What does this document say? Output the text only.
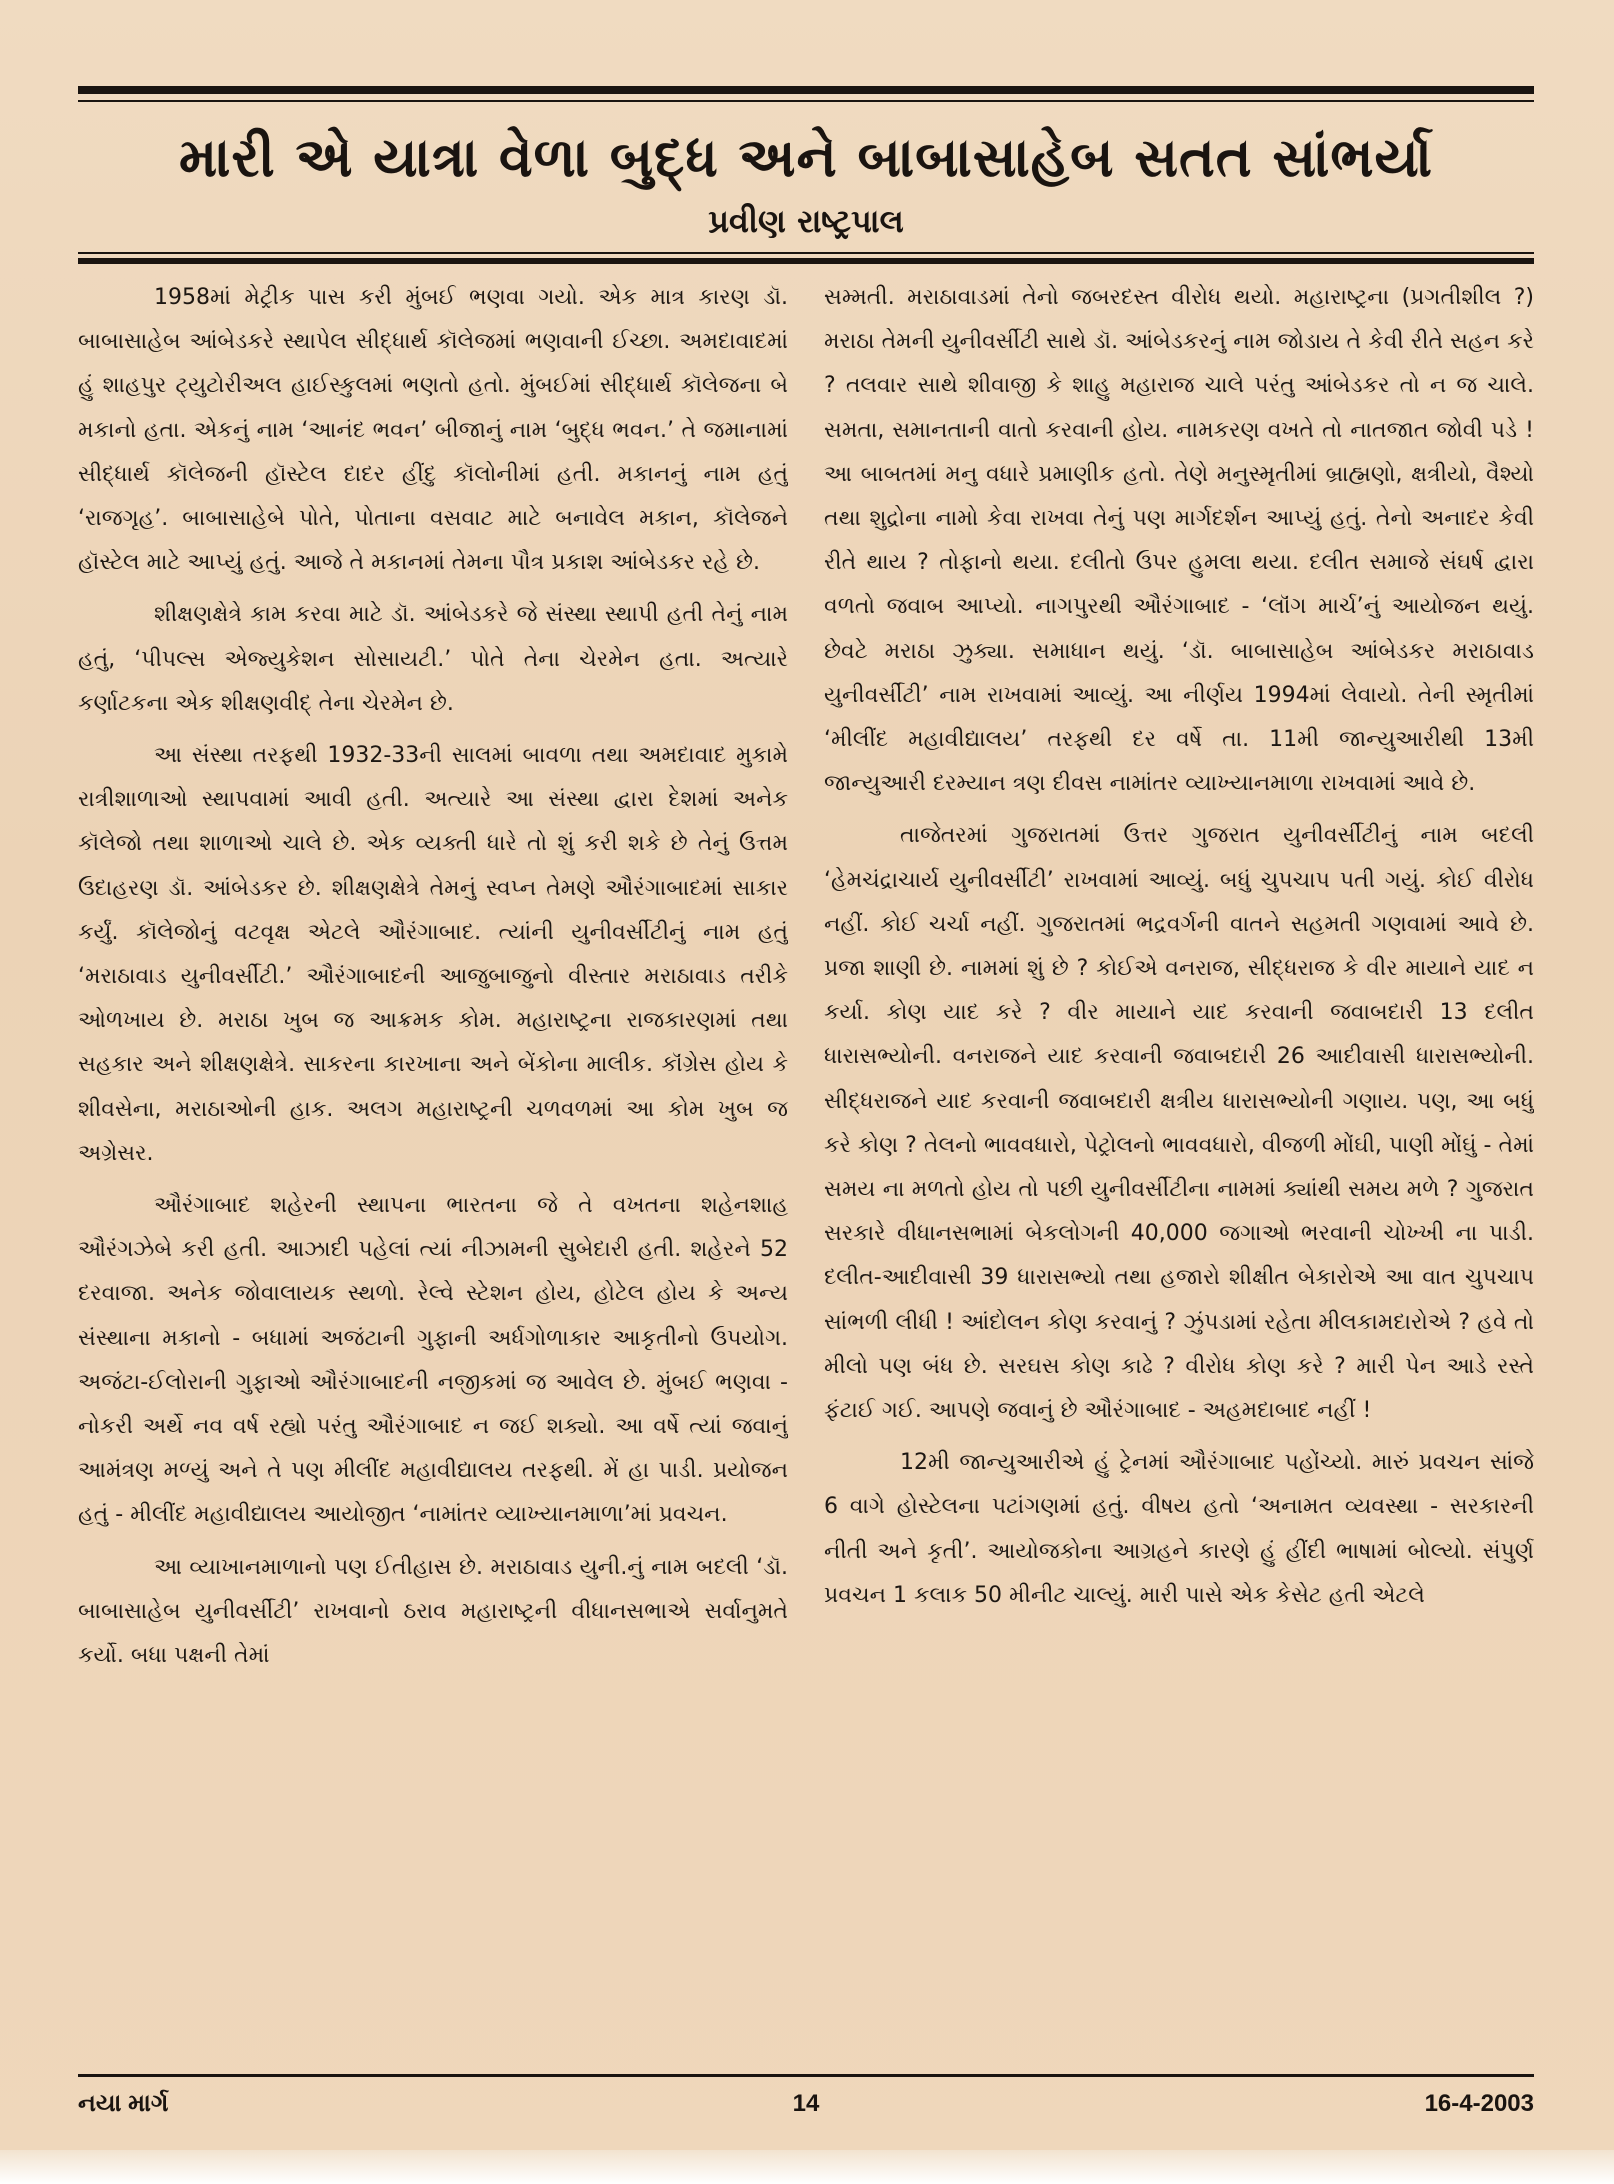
મારી એ યાત્રા વેળા બુદ્ધ અને બાબાસાહેબ સતત સાંભર્યા
પ્રવીણ રાષ્ટ્રપાલ

1958માં મેટ્રીક પાસ કરી મુંબઈ ભણવા ગયો. એક માત્ર કારણ ડૉ. બાબાસાહેબ આંબેડકરે સ્થાપેલ સીદ્ધાર્થ કૉલેજમાં ભણવાની ઈચ્છા. અમદાવાદમાં હું શાહપુર ટ્યુટોરીઅલ હાઈસ્કુલમાં ભણતો હતો. મુંબઈમાં સીદ્ધાર્થ કૉલેજના બે મકાનો હતા. એકનું નામ ‘આનંદ ભવન’ બીજાનું નામ ‘બુદ્ધ ભવન.’ તે જમાનામાં સીદ્ધાર્થ કૉલેજની હૉસ્ટેલ દાદર હીંદુ કૉલોનીમાં હતી. મકાનનું નામ હતું ‘રાજગૃહ’. બાબાસાહેબે પોતે, પોતાના વસવાટ માટે બનાવેલ મકાન, કૉલેજને હૉસ્ટેલ માટે આપ્યું હતું. આજે તે મકાનમાં તેમના પૌત્ર પ્રકાશ આંબેડકર રહે છે.

શીક્ષણક્ષેત્રે કામ કરવા માટે ડૉ. આંબેડકરે જે સંસ્થા સ્થાપી હતી તેનું નામ હતું, ‘પીપલ્સ એજ્યુકેશન સોસાયટી.’ પોતે તેના ચેરમેન હતા. અત્યારે કર્ણાટકના એક શીક્ષણવીદ્ તેના ચેરમેન છે.

આ સંસ્થા તરફથી 1932-33ની સાલમાં બાવળા તથા અમદાવાદ મુકામે રાત્રીશાળાઓ સ્થાપવામાં આવી હતી. અત્યારે આ સંસ્થા દ્વારા દેશમાં અનેક કૉલેજો તથા શાળાઓ ચાલે છે. એક વ્યક્તી ધારે તો શું કરી શકે છે તેનું ઉત્તમ ઉદાહરણ ડૉ. આંબેડકર છે. શીક્ષણક્ષેત્રે તેમનું સ્વપ્ન તેમણે ઔરંગાબાદમાં સાકાર કર્યું. કૉલેજોનું વટવૃક્ષ એટલે ઔરંગાબાદ. ત્યાંની યુનીવર્સીટીનું નામ હતું ‘મરાઠાવાડ યુનીવર્સીટી.’ ઔરંગાબાદની આજુબાજુનો વીસ્તાર મરાઠાવાડ તરીકે ઓળખાય છે. મરાઠા ખુબ જ આક્રમક કોમ. મહારાષ્ટ્રના રાજકારણમાં તથા સહકાર અને શીક્ષણક્ષેત્રે. સાકરના કારખાના અને બેંકોના માલીક. કૉંગ્રેસ હોય કે શીવસેના, મરાઠાઓની હાક. અલગ મહારાષ્ટ્રની ચળવળમાં આ કોમ ખુબ જ અગ્રેસર.

ઔરંગાબાદ શહેરની સ્થાપના ભારતના જે તે વખતના શહેનશાહ ઔરંગઝેબે કરી હતી. આઝાદી પહેલાં ત્યાં નીઝામની સુબેદારી હતી. શહેરને 52 દરવાજા. અનેક જોવાલાયક સ્થળો. રેલ્વે સ્ટેશન હોય, હોટેલ હોય કે અન્ય સંસ્થાના મકાનો - બધામાં અજંટાની ગુફાની અર્ધગોળાકાર આકૃતીનો ઉપયોગ. અજંટા-ઈલોરાની ગુફાઓ ઔરંગાબાદની નજીકમાં જ આવેલ છે. મુંબઈ ભણવા - નોકરી અર્થે નવ વર્ષ રહ્યો પરંતુ ઔરંગાબાદ ન જઈ શક્યો. આ વર્ષે ત્યાં જવાનું આમંત્રણ મળ્યું અને તે પણ મીલીંદ મહાવીદ્યાલય તરફથી. મેં હા પાડી. પ્રયોજન હતું - મીલીંદ મહાવીદ્યાલય આયોજીત ‘નામાંતર વ્યાખ્યાનમાળા’માં પ્રવચન.

આ વ્યાખાનમાળાનો પણ ઈતીહાસ છે. મરાઠાવાડ યુની.નું નામ બદલી ‘ડૉ. બાબાસાહેબ યુનીવર્સીટી’ રાખવાનો ઠરાવ મહારાષ્ટ્રની વીધાનસભાએ સર્વાનુમતે કર્યો. બધા પક્ષની તેમાં

સમ્મતી. મરાઠાવાડમાં તેનો જબરદસ્ત વીરોધ થયો. મહારાષ્ટ્રના (પ્રગતીશીલ ?) મરાઠા તેમની યુનીવર્સીટી સાથે ડૉ. આંબેડકરનું નામ જોડાય તે કેવી રીતે સહન કરે ? તલવાર સાથે શીવાજી કે શાહુ મહારાજ ચાલે પરંતુ આંબેડકર તો ન જ ચાલે. સમતા, સમાનતાની વાતો કરવાની હોય. નામકરણ વખતે તો નાતજાત જોવી પડે ! આ બાબતમાં મનુ વધારે પ્રમાણીક હતો. તેણે મનુસ્મૃતીમાં બ્રાહ્મણો, ક્ષત્રીયો, વૈશ્યો તથા શુદ્રોના નામો કેવા રાખવા તેનું પણ માર્ગદર્શન આપ્યું હતું. તેનો અનાદર કેવી રીતે થાય ? તોફાનો થયા. દલીતો ઉપર હુમલા થયા. દલીત સમાજે સંઘર્ષ દ્વારા વળતો જવાબ આપ્યો. નાગપુરથી ઔરંગાબાદ - ‘લૉંગ માર્ચ’નું આયોજન થયું. છેવટે મરાઠા ઝુક્યા. સમાધાન થયું. ‘ડૉ. બાબાસાહેબ આંબેડકર મરાઠાવાડ યુનીવર્સીટી’ નામ રાખવામાં આવ્યું. આ નીર્ણય 1994માં લેવાયો. તેની સ્મૃતીમાં ‘મીલીંદ મહાવીદ્યાલય’ તરફથી દર વર્ષે તા. 11મી જાન્યુઆરીથી 13મી જાન્યુઆરી દરમ્યાન ત્રણ દીવસ નામાંતર વ્યાખ્યાનમાળા રાખવામાં આવે છે.

તાજેતરમાં ગુજરાતમાં ઉત્તર ગુજરાત યુનીવર્સીટીનું નામ બદલી ‘હેમચંદ્રાચાર્ય યુનીવર્સીટી’ રાખવામાં આવ્યું. બધું ચુપચાપ પતી ગયું. કોઈ વીરોધ નહીં. કોઈ ચર્ચા નહીં. ગુજરાતમાં ભદ્રવર્ગની વાતને સહમતી ગણવામાં આવે છે. પ્રજા શાણી છે. નામમાં શું છે ? કોઈએ વનરાજ, સીદ્ધરાજ કે વીર માયાને યાદ ન કર્યા. કોણ યાદ કરે ? વીર માયાને યાદ કરવાની જવાબદારી 13 દલીત ધારાસભ્યોની. વનરાજને યાદ કરવાની જવાબદારી 26 આદીવાસી ધારાસભ્યોની. સીદ્ધરાજને યાદ કરવાની જવાબદારી ક્ષત્રીય ધારાસભ્યોની ગણાય. પણ, આ બધું કરે કોણ ? તેલનો ભાવવધારો, પેટ્રોલનો ભાવવધારો, વીજળી મોંઘી, પાણી મોંઘું - તેમાં સમય ના મળતો હોય તો પછી યુનીવર્સીટીના નામમાં ક્યાંથી સમય મળે ? ગુજરાત સરકારે વીધાનસભામાં બેકલોગની 40,000 જગાઓ ભરવાની ચોખ્ખી ના પાડી. દલીત-આદીવાસી 39 ધારાસભ્યો તથા હજારો શીક્ષીત બેકારોએ આ વાત ચુપચાપ સાંભળી લીધી ! આંદોલન કોણ કરવાનું ? ઝુંપડામાં રહેતા મીલકામદારોએ ? હવે તો મીલો પણ બંધ છે. સરઘસ કોણ કાઢે ? વીરોધ કોણ કરે ? મારી પેન આડે રસ્તે ફંટાઈ ગઈ. આપણે જવાનું છે ઔરંગાબાદ - અહમદાબાદ નહીં !

12મી જાન્યુઆરીએ હું ટ્રેનમાં ઔરંગાબાદ પહોંચ્યો. મારું પ્રવચન સાંજે 6 વાગે હોસ્ટેલના પટાંગણમાં હતું. વીષય હતો ‘અનામત વ્યવસ્થા - સરકારની નીતી અને કૃતી’. આયોજકોના આગ્રહને કારણે હું હીંદી ભાષામાં બોલ્યો. સંપુર્ણ પ્રવચન 1 કલાક 50 મીનીટ ચાલ્યું. મારી પાસે એક કેસેટ હતી એટલે

નયા માર્ગ	14	16-4-2003
